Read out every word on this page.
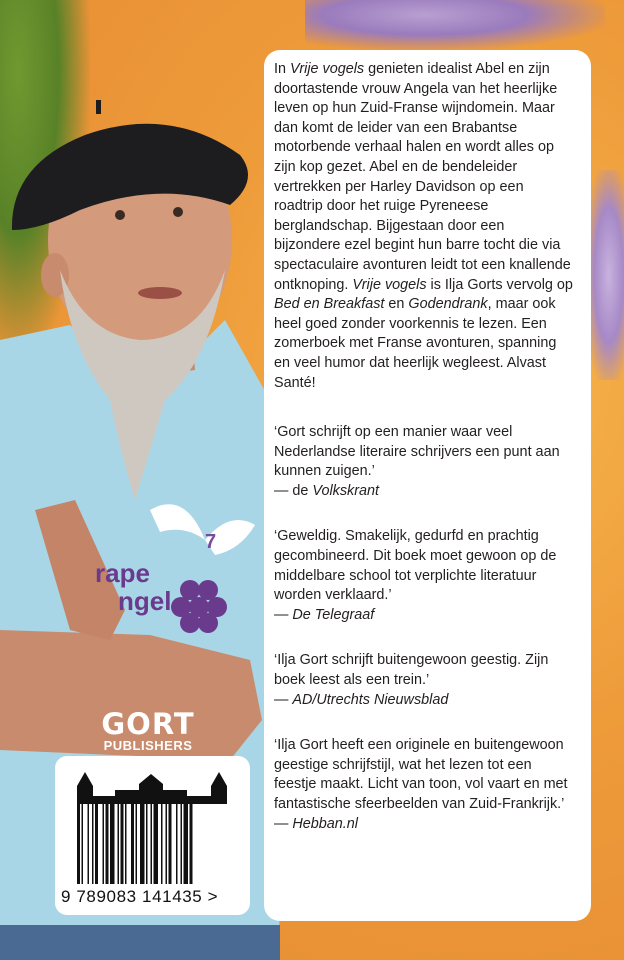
rape
ngel
7
GORT
PUBLISHERS
9 789083 141435 >

In Vrije vogels genieten idealist Abel en zijn doortastende vrouw Angela van het heerlijke leven op hun Zuid-Franse wijndomein. Maar dan komt de leider van een Brabantse motorbende verhaal halen en wordt alles op zijn kop gezet. Abel en de bendeleider vertrekken per Harley Davidson op een roadtrip door het ruige Pyreneese berglandschap. Bijgestaan door een bijzondere ezel begint hun barre tocht die via spectaculaire avonturen leidt tot een knallende ontknoping. Vrije vogels is Ilja Gorts vervolg op Bed en Breakfast en Godendrank, maar ook heel goed zonder voorkennis te lezen. Een zomerboek met Franse avonturen, spanning en veel humor dat heerlijk wegleest. Alvast Santé!

‘Gort schrijft op een manier waar veel Nederlandse literaire schrijvers een punt aan kunnen zuigen.’
— de Volkskrant

‘Geweldig. Smakelijk, gedurfd en prachtig gecombineerd. Dit boek moet gewoon op de middelbare school tot verplichte literatuur worden verklaard.’
— De Telegraaf

‘Ilja Gort schrijft buitengewoon geestig. Zijn boek leest als een trein.’
— AD/Utrechts Nieuwsblad

‘Ilja Gort heeft een originele en buitengewoon geestige schrijfstijl, wat het lezen tot een feestje maakt. Licht van toon, vol vaart en met fantastische sfeerbeelden van Zuid-Frankrijk.’ — Hebban.nl
